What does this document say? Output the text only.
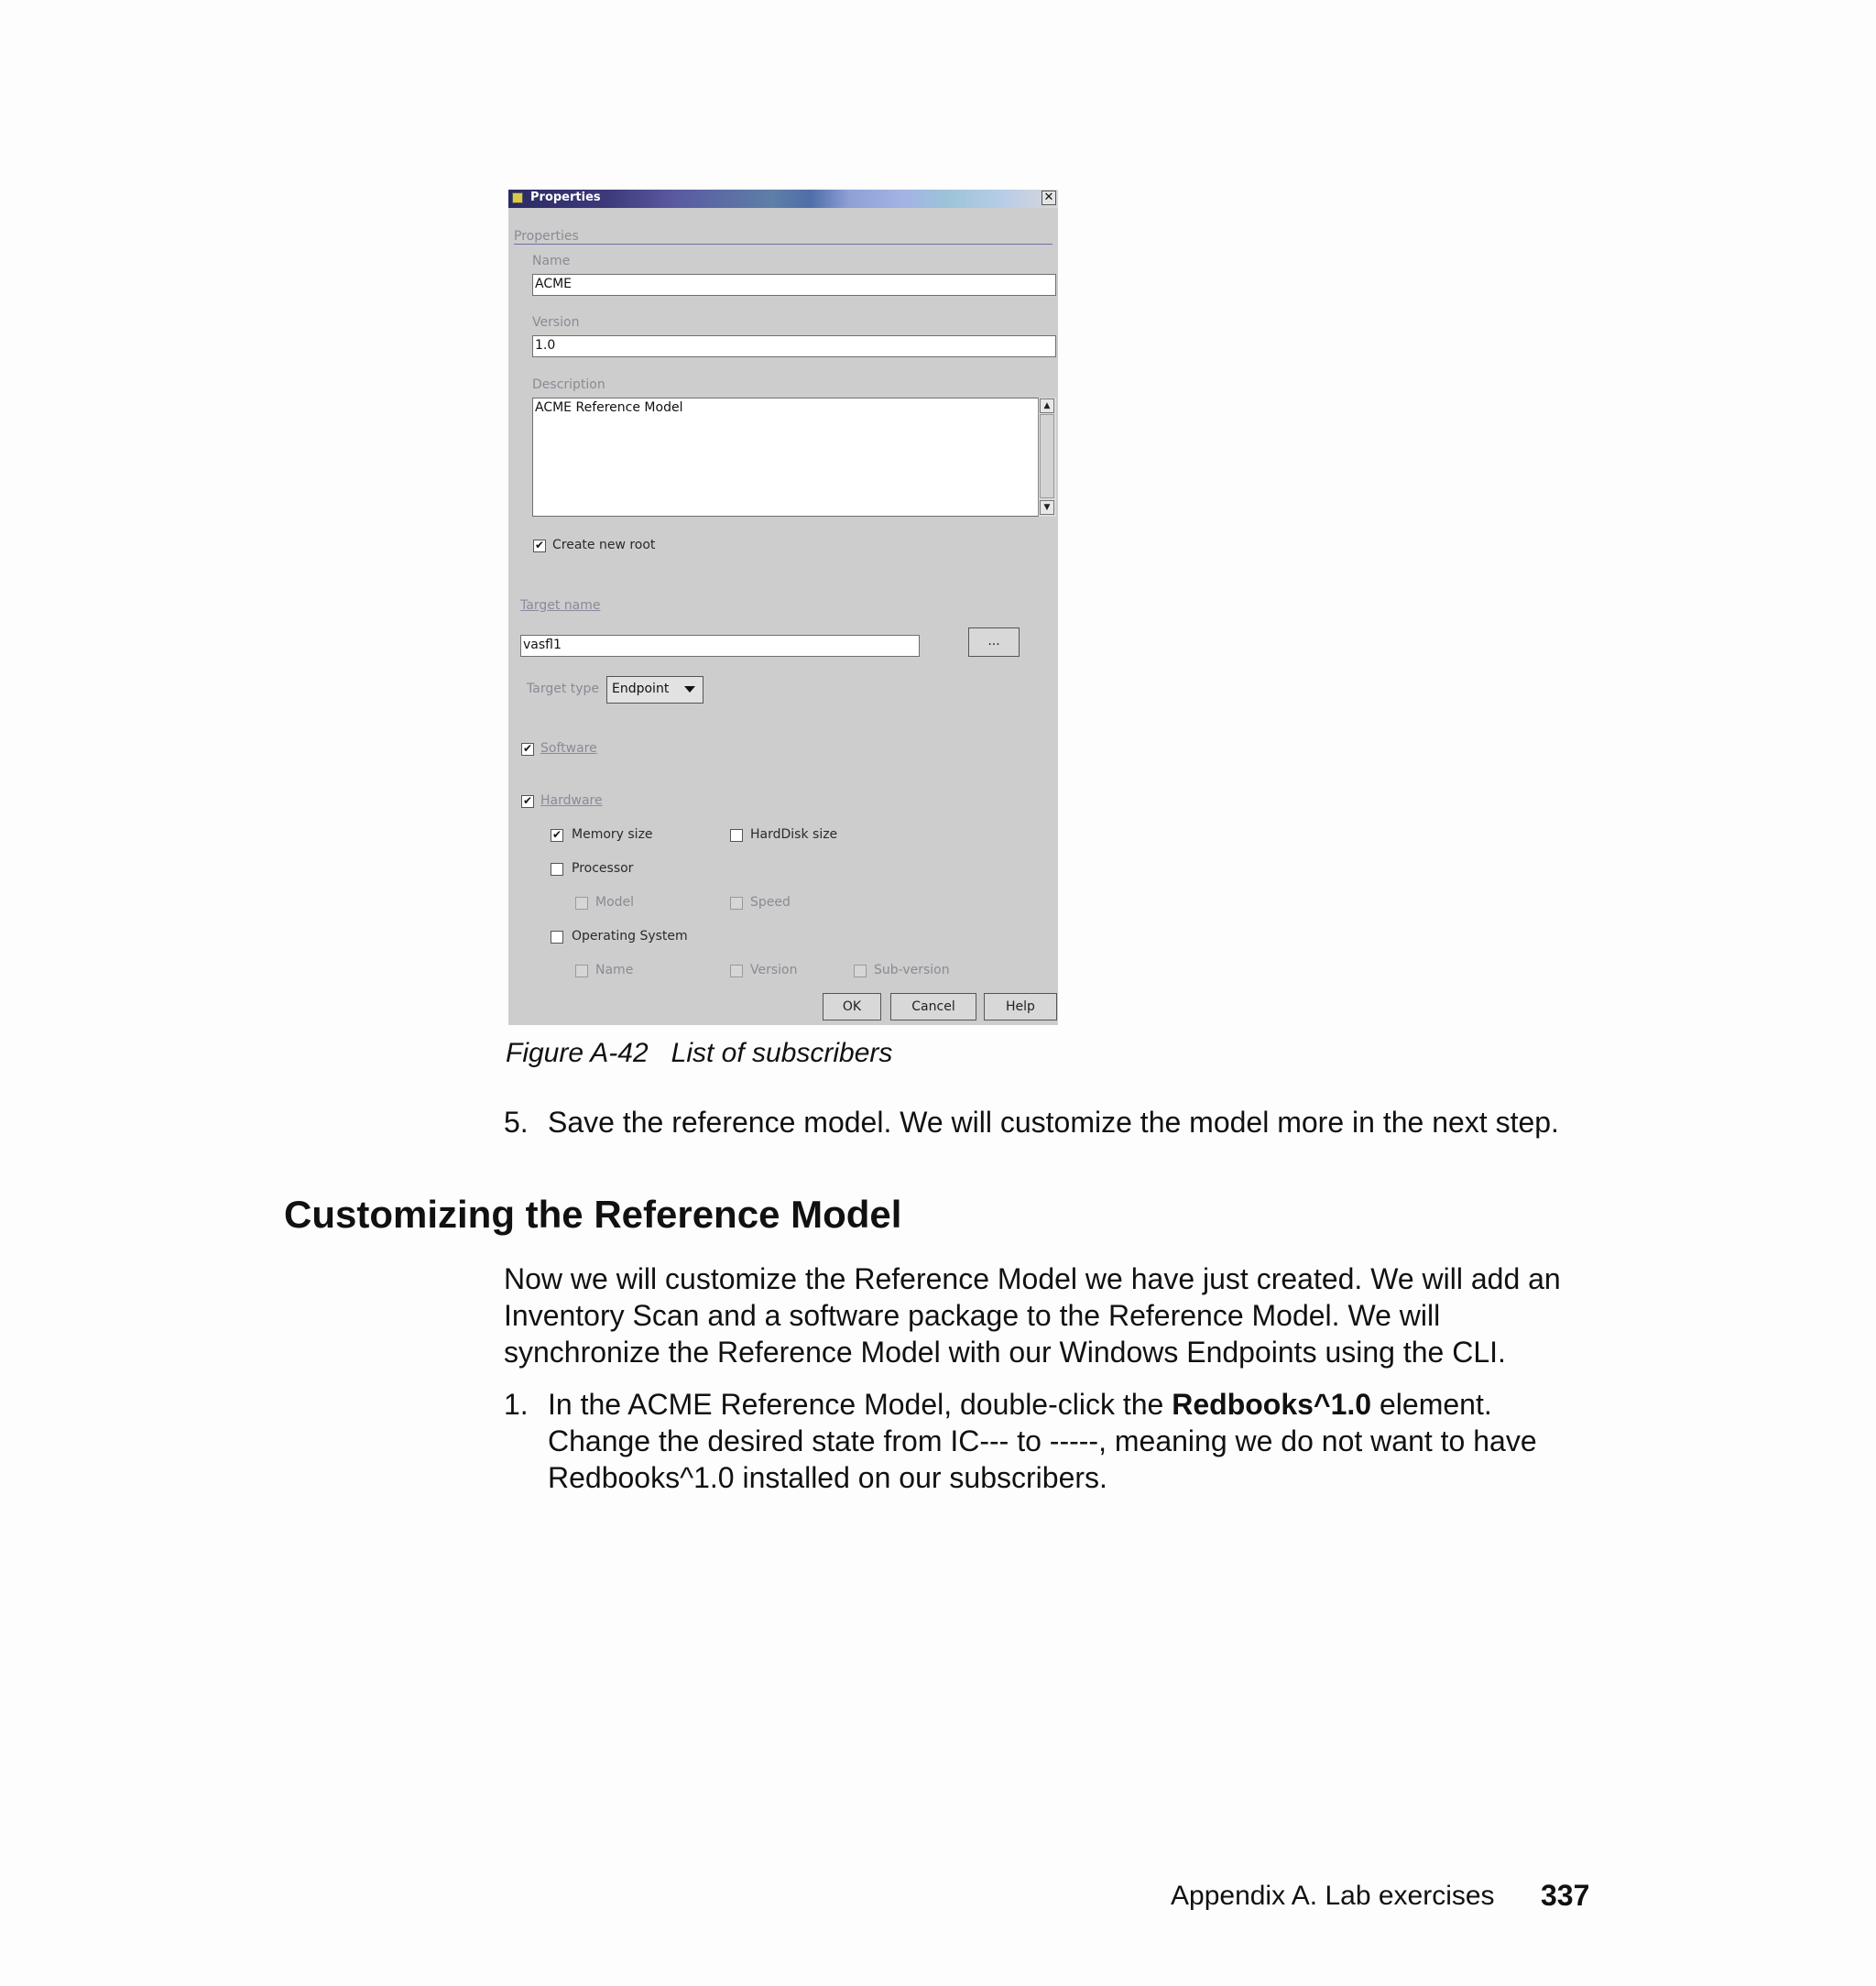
Properties	✕
Properties
Name
ACME
Version
1.0
Description
ACME Reference Model	▲
▼
✔ Create new root
Target name
vasfl1	...
Target type Endpoint
✔ Software
✔ Hardware
✔ Memory size	HardDisk size
Processor
Model	Speed
Operating System
Name	Version	Sub-version
OK	Cancel	Help
Figure A-42   List of subscribers
5. Save the reference model. We will customize the model more in the next step.
Customizing the Reference Model
Now we will customize the Reference Model we have just created. We will add an
Inventory Scan and a software package to the Reference Model. We will
synchronize the Reference Model with our Windows Endpoints using the CLI.
1. In the ACME Reference Model, double-click the Redbooks^1.0 element.
Change the desired state from IC--- to -----, meaning we do not want to have
Redbooks^1.0 installed on our subscribers.
Appendix A. Lab exercises 337
